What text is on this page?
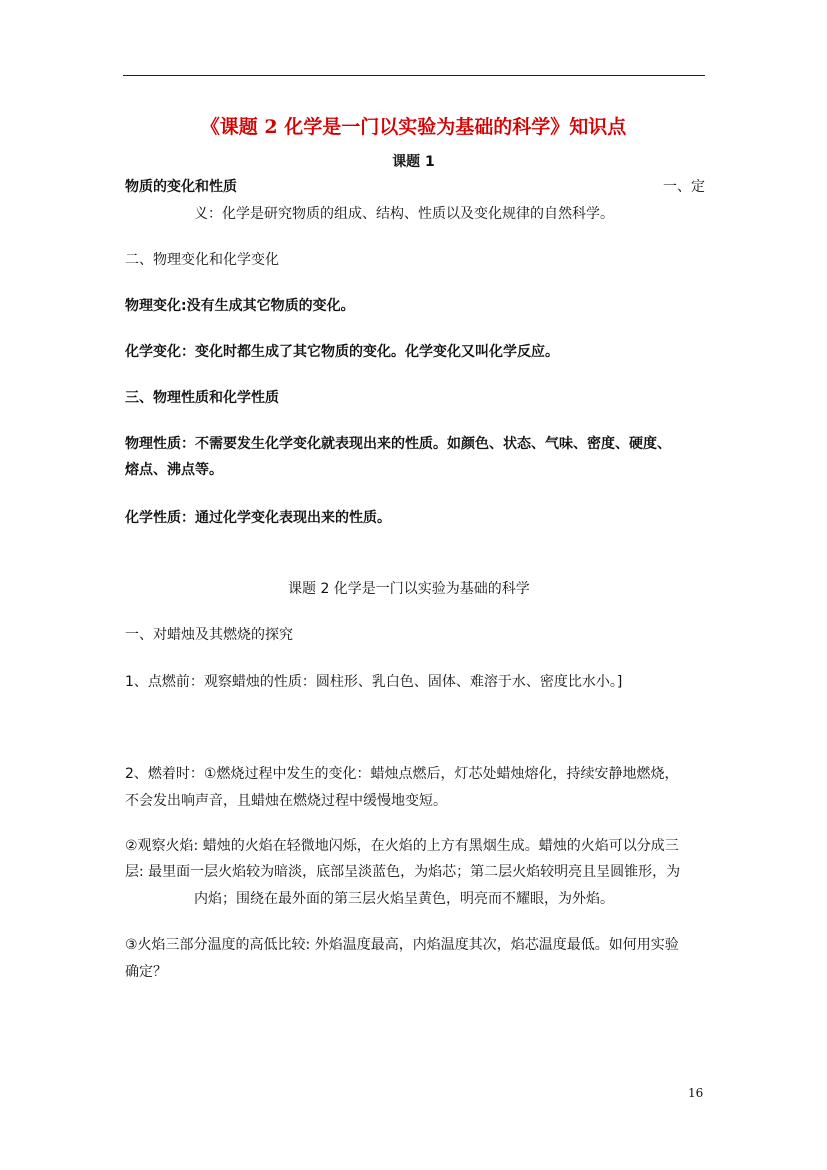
《课题 2 化学是一门以实验为基础的科学》知识点
课题 1
物质的变化和性质	一、定
义：化学是研究物质的组成、结构、性质以及变化规律的自然科学。
二、物理变化和化学变化
物理变化:没有生成其它物质的变化。
化学变化：变化时都生成了其它物质的变化。化学变化又叫化学反应。
三、物理性质和化学性质
物理性质：不需要发生化学变化就表现出来的性质。如颜色、状态、气味、密度、硬度、
熔点、沸点等。
化学性质：通过化学变化表现出来的性质。
课题 2 化学是一门以实验为基础的科学
一、对蜡烛及其燃烧的探究
1、点燃前：观察蜡烛的性质：圆柱形、乳白色、固体、难溶于水、密度比水小。]
2、燃着时：①燃烧过程中发生的变化：蜡烛点燃后，灯芯处蜡烛熔化，持续安静地燃烧，
不会发出响声音，且蜡烛在燃烧过程中缓慢地变短。
②观察火焰: 蜡烛的火焰在轻微地闪烁，在火焰的上方有黑烟生成。蜡烛的火焰可以分成三
层: 最里面一层火焰较为暗淡，底部呈淡蓝色，为焰芯；第二层火焰较明亮且呈圆锥形，为
内焰；围绕在最外面的第三层火焰呈黄色，明亮而不耀眼，为外焰。
③火焰三部分温度的高低比较: 外焰温度最高，内焰温度其次，焰芯温度最低。如何用实验
确定？
16
